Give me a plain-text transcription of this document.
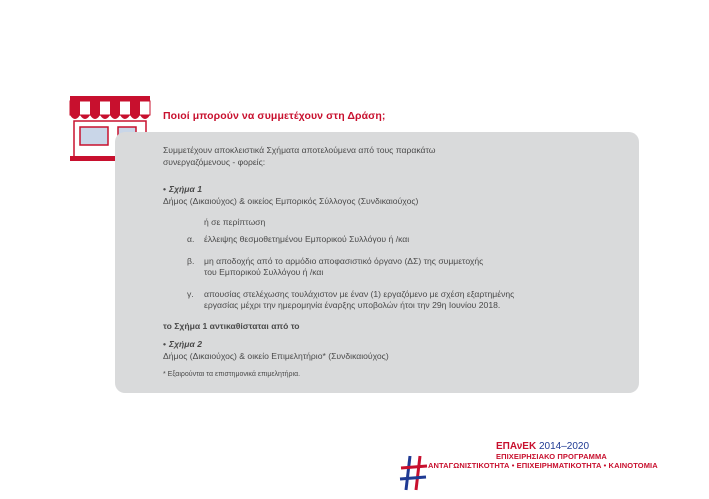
Ποιοί μπορούν να συμμετέχουν στη Δράση;
Συμμετέχουν αποκλειστικά Σχήματα αποτελούμενα από τους παρακάτω
συνεργαζόμενους - φορείς:
• Σχήμα 1
Δήμος (Δικαιούχος) & οικείος Εμπορικός Σύλλογος (Συνδικαιούχος)
ή σε περίπτωση
α. έλλειψης θεσμοθετημένου Εμπορικού Συλλόγου ή /και
β. μη αποδοχής από το αρμόδιο αποφασιστικό όργανο (ΔΣ) της συμμετοχής
του Εμπορικού Συλλόγου ή /και
γ. απουσίας στελέχωσης τουλάχιστον με έναν (1) εργαζόμενο με σχέση εξαρτημένης
εργασίας μέχρι την ημερομηνία έναρξης υποβολών ήτοι την 29η Ιουνίου 2018.
το Σχήμα 1 αντικαθίσταται από το
• Σχήμα 2
Δήμος (Δικαιούχος) & οικείο Επιμελητήριο* (Συνδικαιούχος)
* Εξαιρούνται τα επιστημονικά επιμελητήρια.
ΕΠΑνΕΚ 2014–2020
ΕΠΙΧΕΙΡΗΣΙΑΚΟ ΠΡΟΓΡΑΜΜΑ
ΑΝΤΑΓΩΝΙΣΤΙΚΟΤΗΤΑ • ΕΠΙΧΕΙΡΗΜΑΤΙΚΟΤΗΤΑ • ΚΑΙΝΟΤΟΜΙΑ
